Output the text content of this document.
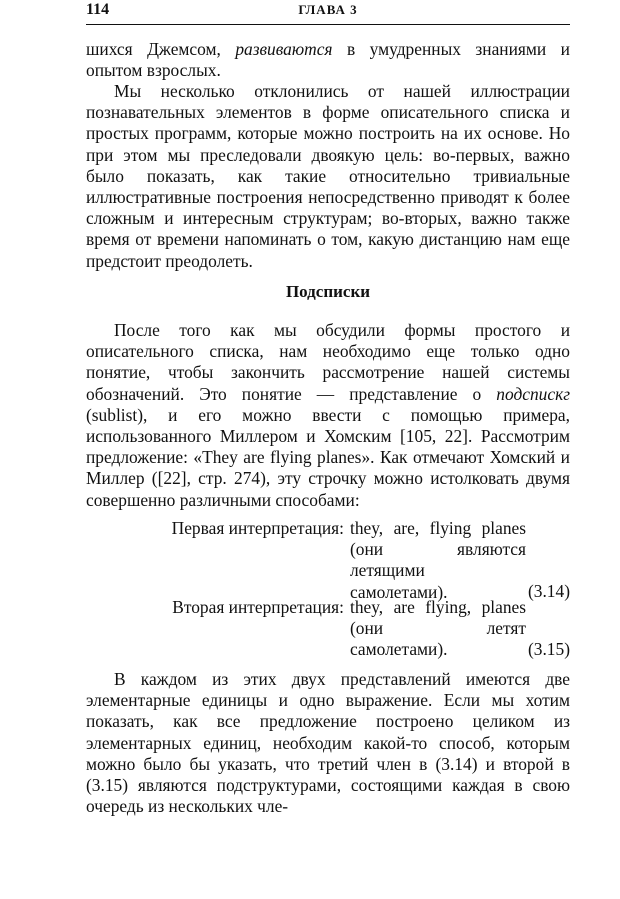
114	ГЛАВА 3

шихся Джемсом, развиваются в умудренных знаниями и опытом взрослых.

Мы несколько отклонились от нашей иллюстрации познавательных элементов в форме описательного списка и простых программ, которые можно построить на их основе. Но при этом мы преследовали двоякую цель: во-первых, важно было показать, как такие относительно тривиальные иллюстративные построения непосредственно приводят к более сложным и интересным структурам; во-вторых, важно также время от времени напоминать о том, какую дистанцию нам еще предстоит преодолеть.

Подсписки

После того как мы обсудили формы простого и описательного списка, нам необходимо еще только одно понятие, чтобы закончить рассмотрение нашей системы обозначений. Это понятие — представление о подспискг (sublist), и его можно ввести с помощью примера, использованного Миллером и Хомским [105, 22]. Рассмотрим предложение: «They are flying planes». Как отмечают Хомский и Миллер ([22], стр. 274), эту строчку можно истолковать двумя совершенно различными способами:

Первая интерпретация: they, are, flying planes (они являются летящими самолетами).	(3.14)
Вторая интерпретация: they, are flying, planes (они летят самолетами).	(3.15)

В каждом из этих двух представлений имеются две элементарные единицы и одно выражение. Если мы хотим показать, как все предложение построено целиком из элементарных единиц, необходим какой-то способ, которым можно было бы указать, что третий член в (3.14) и второй в (3.15) являются подструктурами, состоящими каждая в свою очередь из нескольких чле-
